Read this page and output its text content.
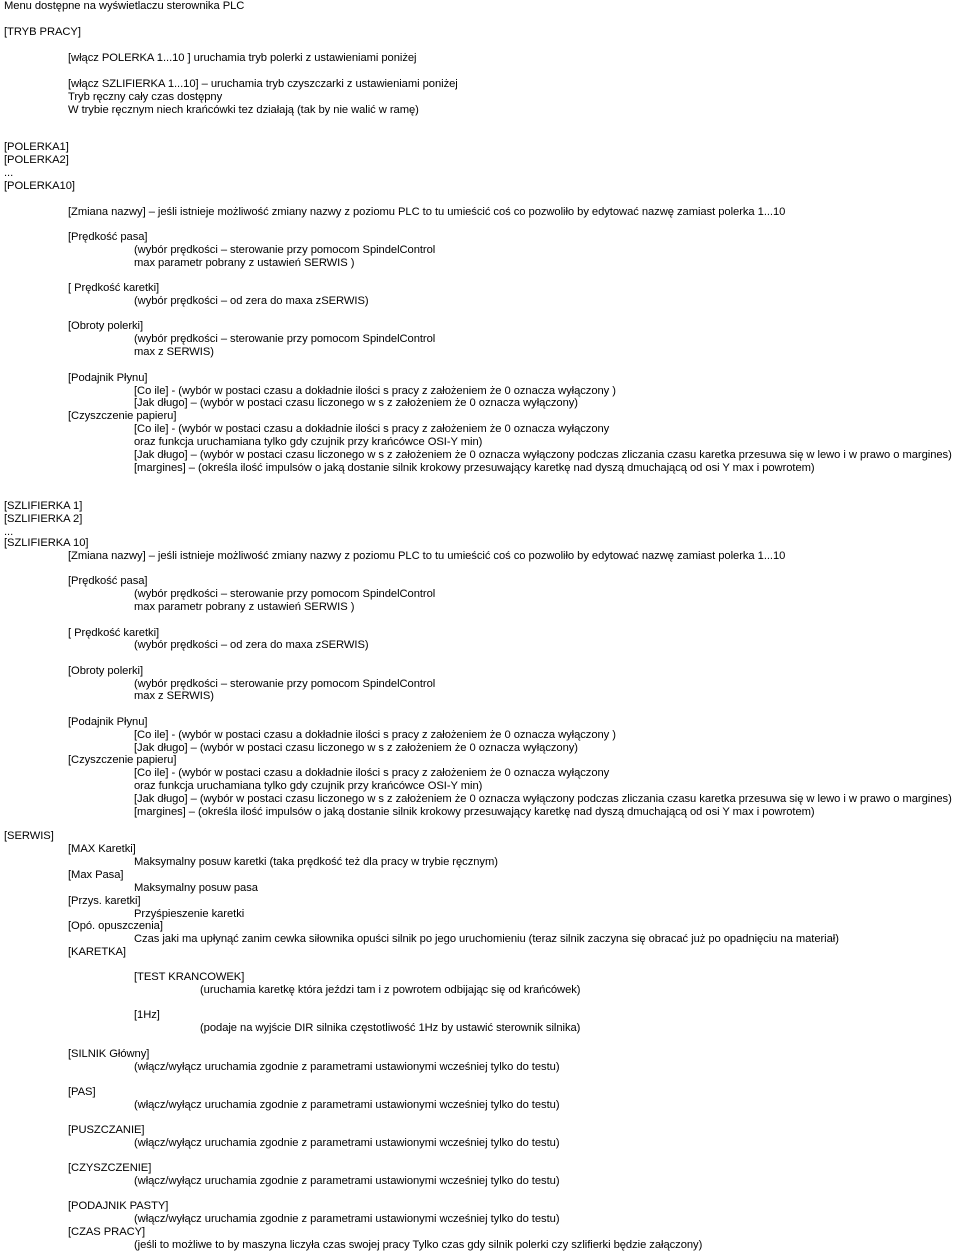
Menu dostępne na wyświetlaczu sterownika PLC
[TRYB PRACY]
[włącz POLERKA 1...10 ] uruchamia tryb polerki z ustawieniami poniżej
[włącz SZLIFIERKA 1...10] – uruchamia tryb czyszczarki z ustawieniami poniżej
Tryb ręczny cały czas dostępny
W trybie ręcznym niech krańcówki tez działają (tak by nie walić w ramę)
[POLERKA1]
[POLERKA2]
...
[POLERKA10]
[Zmiana nazwy] – jeśli istnieje możliwość zmiany nazwy z poziomu PLC to tu umieścić coś co pozwoliło by edytować nazwę zamiast polerka 1...10
[Prędkość pasa]
(wybór prędkości – sterowanie przy pomocom SpindelControl
max parametr pobrany z ustawień SERWIS )
[ Prędkość karetki]
(wybór prędkości – od zera do maxa zSERWIS)
[Obroty polerki]
(wybór prędkości – sterowanie przy pomocom SpindelControl
max z SERWIS)
[Podajnik Płynu]
[Co ile] - (wybór w postaci czasu a dokładnie ilości s pracy z założeniem że 0 oznacza wyłączony )
[Jak długo] – (wybór w postaci czasu liczonego w s z założeniem że 0 oznacza wyłączony)
[Czyszczenie papieru]
[Co ile] - (wybór w postaci czasu a dokładnie ilości s pracy z założeniem że 0 oznacza wyłączony
oraz funkcja uruchamiana tylko gdy czujnik przy krańcówce OSI-Y min)
[Jak długo] – (wybór w postaci czasu liczonego w s z założeniem że 0 oznacza wyłączony podczas zliczania czasu karetka przesuwa się w lewo i w prawo o margines)
[margines] – (określa ilość impulsów o jaką dostanie silnik krokowy przesuwający karetkę nad dyszą dmuchającą od osi Y max i powrotem)
[SZLIFIERKA 1]
[SZLIFIERKA 2]
...
[SZLIFIERKA 10]
[Zmiana nazwy] – jeśli istnieje możliwość zmiany nazwy z poziomu PLC to tu umieścić coś co pozwoliło by edytować nazwę zamiast polerka 1...10
[Prędkość pasa]
(wybór prędkości – sterowanie przy pomocom SpindelControl
max parametr pobrany z ustawień SERWIS )
[ Prędkość karetki]
(wybór prędkości – od zera do maxa zSERWIS)
[Obroty polerki]
(wybór prędkości – sterowanie przy pomocom SpindelControl
max z SERWIS)
[Podajnik Płynu]
[Co ile] - (wybór w postaci czasu a dokładnie ilości s pracy z założeniem że 0 oznacza wyłączony )
[Jak długo] – (wybór w postaci czasu liczonego w s z założeniem że 0 oznacza wyłączony)
[Czyszczenie papieru]
[Co ile] - (wybór w postaci czasu a dokładnie ilości s pracy z założeniem że 0 oznacza wyłączony
oraz funkcja uruchamiana tylko gdy czujnik przy krańcówce OSI-Y min)
[Jak długo] – (wybór w postaci czasu liczonego w s z założeniem że 0 oznacza wyłączony podczas zliczania czasu karetka przesuwa się w lewo i w prawo o margines)
[margines] – (określa ilość impulsów o jaką dostanie silnik krokowy przesuwający karetkę nad dyszą dmuchającą od osi Y max i powrotem)
[SERWIS]
[MAX Karetki]
Maksymalny posuw karetki (taka prędkość też dla pracy w trybie ręcznym)
[Max Pasa]
Maksymalny posuw pasa
[Przys. karetki]
Przyśpieszenie karetki
[Opó. opuszczenia]
Czas jaki ma upłynąć zanim cewka siłownika opuści silnik po jego uruchomieniu (teraz silnik zaczyna się obracać już po opadnięciu na materiał)
[KARETKA]
[TEST KRANCOWEK]
(uruchamia karetkę która jeździ tam i z powrotem odbijając się od krańcówek)
[1Hz]
(podaje na wyjście DIR silnika częstotliwość 1Hz by ustawić sterownik silnika)
[SILNIK Główny]
(włącz/wyłącz uruchamia zgodnie z parametrami ustawionymi wcześniej tylko do testu)
[PAS]
(włącz/wyłącz uruchamia zgodnie z parametrami ustawionymi wcześniej tylko do testu)
[PUSZCZANIE]
(włącz/wyłącz uruchamia zgodnie z parametrami ustawionymi wcześniej tylko do testu)
[CZYSZCZENIE]
(włącz/wyłącz uruchamia zgodnie z parametrami ustawionymi wcześniej tylko do testu)
[PODAJNIK PASTY]
(włącz/wyłącz uruchamia zgodnie z parametrami ustawionymi wcześniej tylko do testu)
[CZAS PRACY]
(jeśli to możliwe to by maszyna liczyła czas swojej pracy Tylko czas gdy silnik polerki czy szlifierki będzie załączony)
